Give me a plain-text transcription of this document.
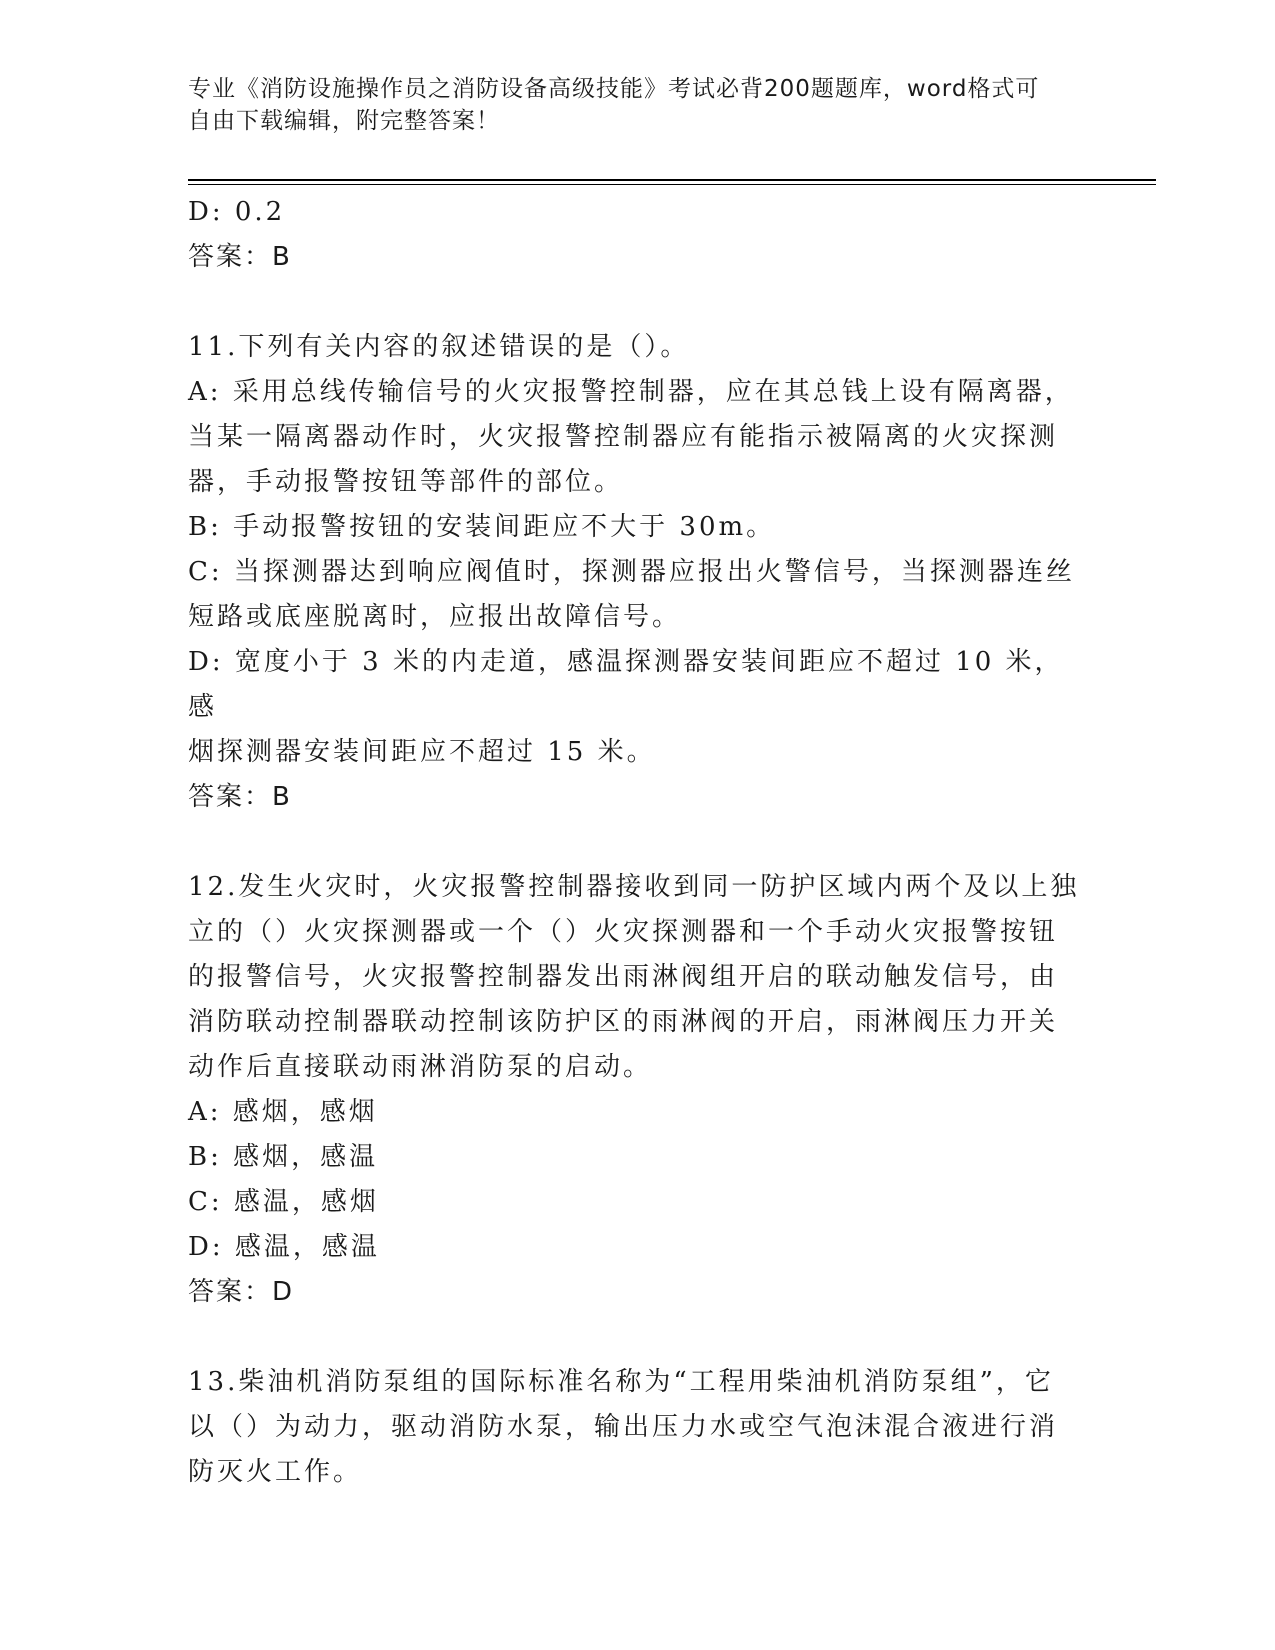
专业《消防设施操作员之消防设备高级技能》考试必背200题题库，word格式可
自由下载编辑，附完整答案！
D: 0.2
答案：B
11.下列有关内容的叙述错误的是（）。
A: 采用总线传输信号的火灾报警控制器，应在其总钱上设有隔离器，
当某一隔离器动作时，火灾报警控制器应有能指示被隔离的火灾探测
器，手动报警按钮等部件的部位。
B: 手动报警按钮的安装间距应不大于 30m。
C: 当探测器达到响应阀值时，探测器应报出火警信号，当探测器连丝
短路或底座脱离时，应报出故障信号。
D: 宽度小于 3 米的内走道，感温探测器安装间距应不超过 10 米，感
烟探测器安装间距应不超过 15 米。
答案：B
12.发生火灾时，火灾报警控制器接收到同一防护区域内两个及以上独
立的（）火灾探测器或一个（）火灾探测器和一个手动火灾报警按钮
的报警信号，火灾报警控制器发出雨淋阀组开启的联动触发信号，由
消防联动控制器联动控制该防护区的雨淋阀的开启，雨淋阀压力开关
动作后直接联动雨淋消防泵的启动。
A: 感烟，感烟
B: 感烟，感温
C: 感温，感烟
D: 感温，感温
答案：D
13.柴油机消防泵组的国际标准名称为“工程用柴油机消防泵组”，它
以（）为动力，驱动消防水泵，输出压力水或空气泡沫混合液进行消
防灭火工作。
